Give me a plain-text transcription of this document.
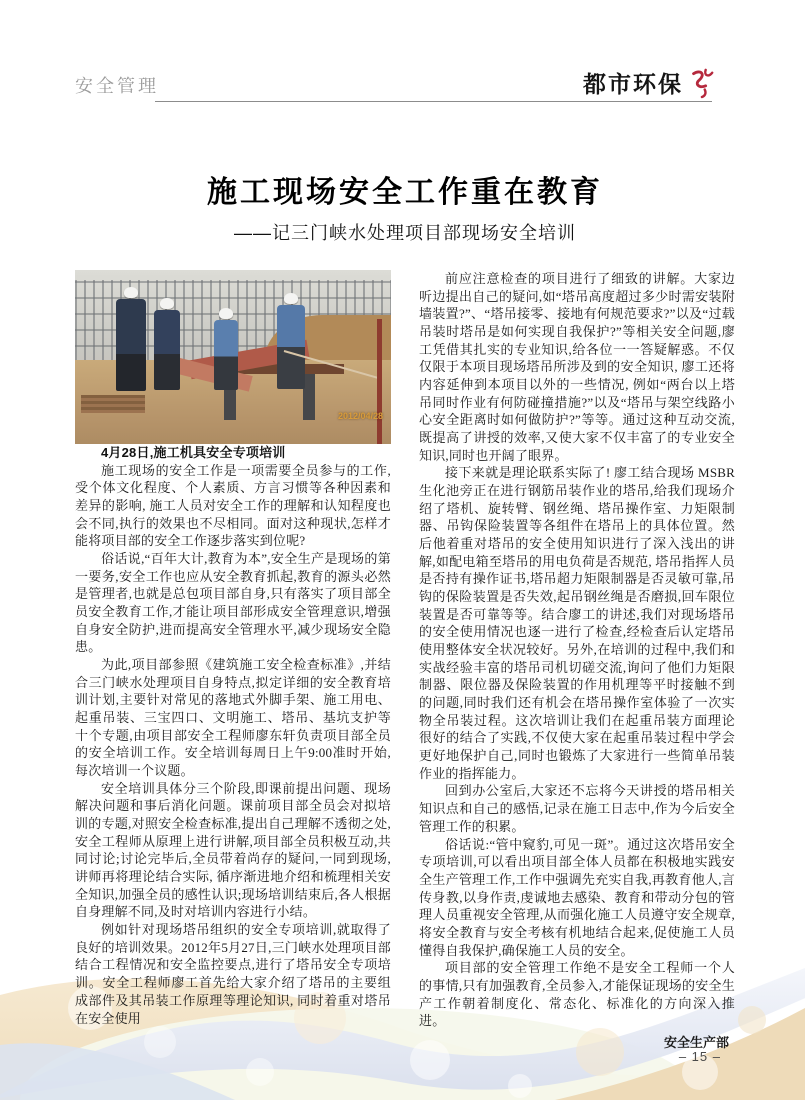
安全管理	都市环保
施工现场安全工作重在教育
——记三门峡水处理项目部现场安全培训
2012/04/28

4月28日,施工机具安全专项培训

施工现场的安全工作是一项需要全员参与的工作,受个体文化程度、个人素质、方言习惯等各种因素和差异的影响, 施工人员对安全工作的理解和认知程度也会不同,执行的效果也不尽相同。面对这种现状,怎样才能将项目部的安全工作逐步落实到位呢?

俗话说,“百年大计,教育为本”,安全生产是现场的第一要务,安全工作也应从安全教育抓起,教育的源头必然是管理者,也就是总包项目部自身,只有落实了项目部全员安全教育工作,才能让项目部形成安全管理意识,增强自身安全防护,进而提高安全管理水平,减少现场安全隐患。

为此,项目部参照《建筑施工安全检查标准》,并结合三门峡水处理项目自身特点,拟定详细的安全教育培训计划,主要针对常见的落地式外脚手架、施工用电、起重吊装、三宝四口、文明施工、塔吊、基坑支护等十个专题,由项目部安全工程师廖东轩负责项目部全员的安全培训工作。安全培训每周日上午9:00准时开始,每次培训一个议题。

安全培训具体分三个阶段,即课前提出问题、现场解决问题和事后消化问题。课前项目部全员会对拟培训的专题,对照安全检查标准,提出自己理解不透彻之处,安全工程师从原理上进行讲解,项目部全员积极互动,共同讨论;讨论完毕后,全员带着尚存的疑问,一同到现场,讲师再将理论结合实际, 循序渐进地介绍和梳理相关安全知识,加强全员的感性认识;现场培训结束后,各人根据自身理解不同,及时对培训内容进行小结。

例如针对现场塔吊组织的安全专项培训,就取得了良好的培训效果。2012年5月27日,三门峡水处理项目部结合工程情况和安全监控要点,进行了塔吊安全专项培训。安全工程师廖工首先给大家介绍了塔吊的主要组成部件及其吊装工作原理等理论知识, 同时着重对塔吊在安全使用

前应注意检查的项目进行了细致的讲解。大家边听边提出自己的疑问,如“塔吊高度超过多少时需安装附墙装置?”、“塔吊接零、接地有何规范要求?”以及“过载吊装时塔吊是如何实现自我保护?”等相关安全问题,廖工凭借其扎实的专业知识,给各位一一答疑解惑。不仅仅限于本项目现场塔吊所涉及到的安全知识, 廖工还将内容延伸到本项目以外的一些情况, 例如“两台以上塔吊同时作业有何防碰撞措施?”以及“塔吊与架空线路小心安全距离时如何做防护?”等等。通过这种互动交流,既提高了讲授的效率,又使大家不仅丰富了的专业安全知识,同时也开阔了眼界。

接下来就是理论联系实际了! 廖工结合现场 MSBR 生化池旁正在进行钢筋吊装作业的塔吊,给我们现场介绍了塔机、旋转臂、钢丝绳、塔吊操作室、力矩限制器、吊钩保险装置等各组件在塔吊上的具体位置。然后他着重对塔吊的安全使用知识进行了深入浅出的讲解,如配电箱至塔吊的用电负荷是否规范, 塔吊指挥人员是否持有操作证书,塔吊超力矩限制器是否灵敏可靠,吊钩的保险装置是否失效,起吊钢丝绳是否磨损,回车限位装置是否可靠等等。结合廖工的讲述,我们对现场塔吊的安全使用情况也逐一进行了检查,经检查后认定塔吊使用整体安全状况较好。另外,在培训的过程中,我们和实战经验丰富的塔吊司机切磋交流,询问了他们力矩限制器、限位器及保险装置的作用机理等平时接触不到的问题,同时我们还有机会在塔吊操作室体验了一次实物全吊装过程。这次培训让我们在起重吊装方面理论很好的结合了实践,不仅使大家在起重吊装过程中学会更好地保护自己,同时也锻炼了大家进行一些简单吊装作业的指挥能力。

回到办公室后,大家还不忘将今天讲授的塔吊相关知识点和自己的感悟,记录在施工日志中,作为今后安全管理工作的积累。

俗话说:“管中窥豹,可见一斑”。通过这次塔吊安全专项培训,可以看出项目部全体人员都在积极地实践安全生产管理工作,工作中强调先充实自我,再教育他人,言传身教,以身作责,虔诚地去感染、教育和带动分包的管理人员重视安全管理,从而强化施工人员遵守安全规章,将安全教育与安全考核有机地结合起来,促使施工人员懂得自我保护,确保施工人员的安全。

项目部的安全管理工作绝不是安全工程师一个人的事情,只有加强教育,全员参入,才能保证现场的安全生产工作朝着制度化、常态化、标准化的方向深入推进。

安全生产部
– 15 –
